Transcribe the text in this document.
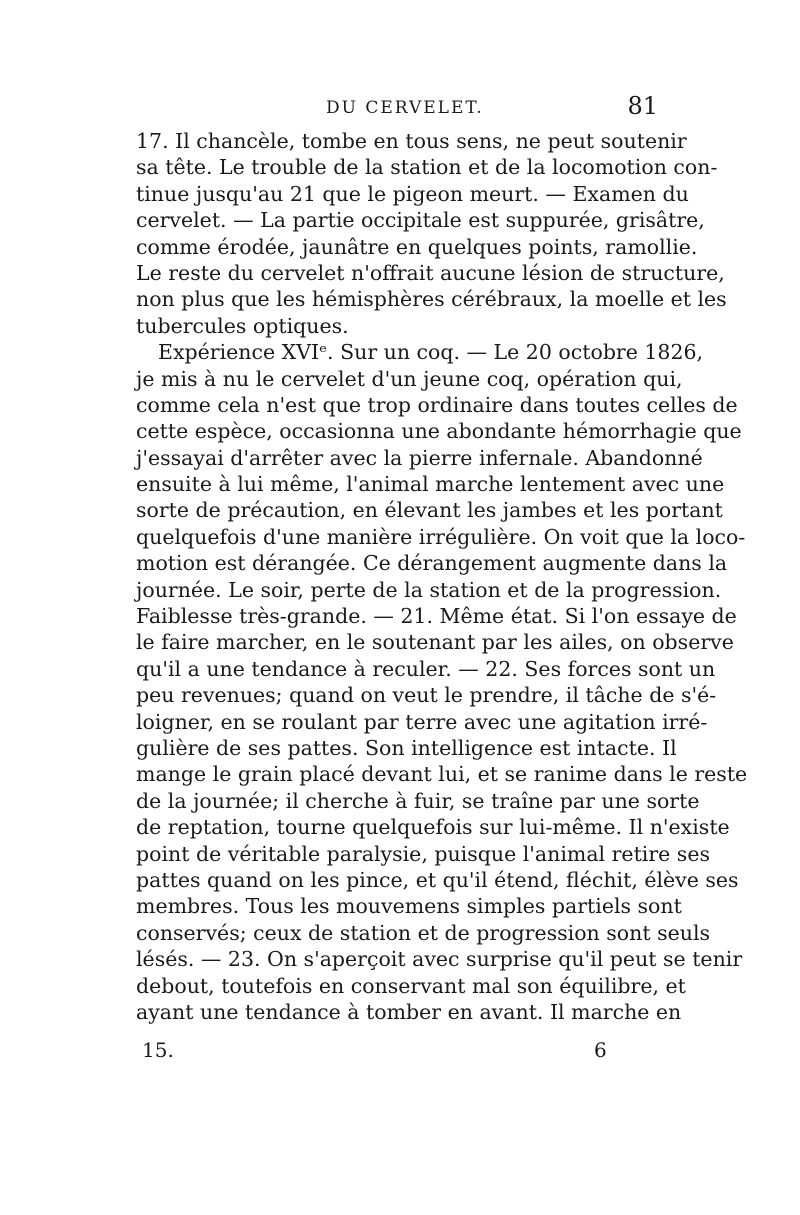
DU CERVELET.	81
17. Il chancèle, tombe en tous sens, ne peut soutenir
sa tête. Le trouble de la station et de la locomotion con-
tinue jusqu'au 21 que le pigeon meurt. — Examen du
cervelet. — La partie occipitale est suppurée, grisâtre,
comme érodée, jaunâtre en quelques points, ramollie.
Le reste du cervelet n'offrait aucune lésion de structure,
non plus que les hémisphères cérébraux, la moelle et les
tubercules optiques.
Expérience XVIᵉ. Sur un coq. — Le 20 octobre 1826,
je mis à nu le cervelet d'un jeune coq, opération qui,
comme cela n'est que trop ordinaire dans toutes celles de
cette espèce, occasionna une abondante hémorrhagie que
j'essayai d'arrêter avec la pierre infernale. Abandonné
ensuite à lui même, l'animal marche lentement avec une
sorte de précaution, en élevant les jambes et les portant
quelquefois d'une manière irrégulière. On voit que la loco-
motion est dérangée. Ce dérangement augmente dans la
journée. Le soir, perte de la station et de la progression.
Faiblesse très-grande. — 21. Même état. Si l'on essaye de
le faire marcher, en le soutenant par les ailes, on observe
qu'il a une tendance à reculer. — 22. Ses forces sont un
peu revenues; quand on veut le prendre, il tâche de s'é-
loigner, en se roulant par terre avec une agitation irré-
gulière de ses pattes. Son intelligence est intacte. Il
mange le grain placé devant lui, et se ranime dans le reste
de la journée; il cherche à fuir, se traîne par une sorte
de reptation, tourne quelquefois sur lui-même. Il n'existe
point de véritable paralysie, puisque l'animal retire ses
pattes quand on les pince, et qu'il étend, fléchit, élève ses
membres. Tous les mouvemens simples partiels sont
conservés; ceux de station et de progression sont seuls
lésés. — 23. On s'aperçoit avec surprise qu'il peut se tenir
debout, toutefois en conservant mal son équilibre, et
ayant une tendance à tomber en avant. Il marche en
15.	6
